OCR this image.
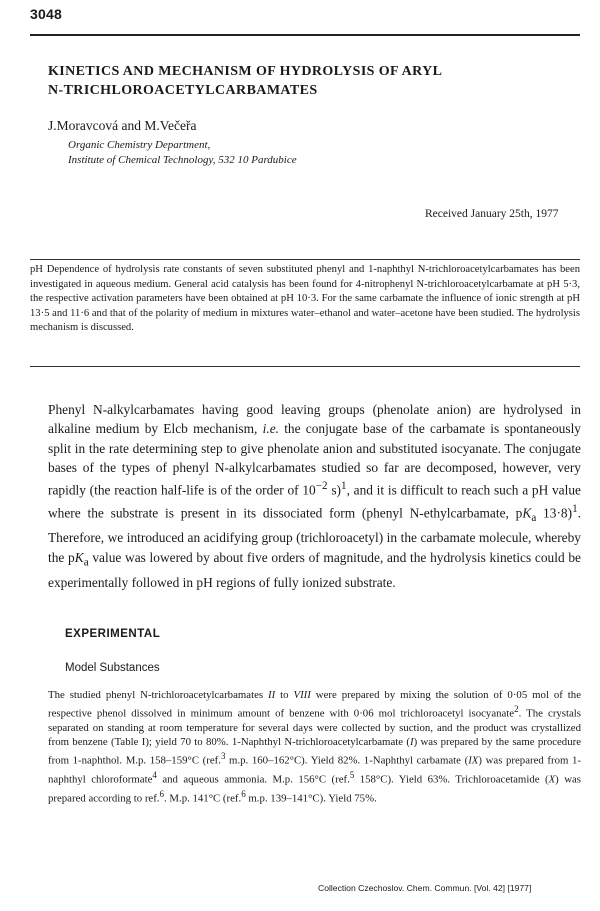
3048
KINETICS AND MECHANISM OF HYDROLYSIS OF ARYL
N-TRICHLOROACETYLCARBAMATES
J.Moravcová and M.Večeřa
Organic Chemistry Department,
Institute of Chemical Technology, 532 10 Pardubice
Received January 25th, 1977
pH Dependence of hydrolysis rate constants of seven substituted phenyl and 1-naphthyl N-trichloroacetylcarbamates has been investigated in aqueous medium. General acid catalysis has been found for 4-nitrophenyl N-trichloroacetylcarbamate at pH 5·3, the respective activation parameters have been obtained at pH 10·3. For the same carbamate the influence of ionic strength at pH 13·5 and 11·6 and that of the polarity of medium in mixtures water–ethanol and water–acetone have been studied. The hydrolysis mechanism is discussed.
Phenyl N-alkylcarbamates having good leaving groups (phenolate anion) are hydrolysed in alkaline medium by Elcb mechanism, i.e. the conjugate base of the carbamate is spontaneously split in the rate determining step to give phenolate anion and substituted isocyanate. The conjugate bases of the types of phenyl N-alkylcarbamates studied so far are decomposed, however, very rapidly (the reaction half-life is of the order of $10^{-2}$ s)$^1$, and it is difficult to reach such a pH value where the substrate is present in its dissociated form (phenyl N-ethylcarbamate, $pK_a$ 13·8)$^1$. Therefore, we introduced an acidifying group (trichloroacetyl) in the carbamate molecule, whereby the $pK_a$ value was lowered by about five orders of magnitude, and the hydrolysis kinetics could be experimentally followed in pH regions of fully ionized substrate.
EXPERIMENTAL
Model Substances
The studied phenyl N-trichloroacetylcarbamates II to VIII were prepared by mixing the solution of 0·05 mol of the respective phenol dissolved in minimum amount of benzene with 0·06 mol trichloroacetyl isocyanate$^2$. The crystals separated on standing at room temperature for several days were collected by suction, and the product was crystallized from benzene (Table I); yield 70 to 80%. 1-Naphthyl N-trichloroacetylcarbamate (I) was prepared by the same procedure from 1-naphthol. M.p. 158–159°C (ref.$^3$ m.p. 160–162°C). Yield 82%. 1-Naphthyl carbamate (IX) was prepared from 1-naphthyl chloroformate$^4$ and aqueous ammonia. M.p. 156°C (ref.$^5$ 158°C). Yield 63%. Trichloroacetamide (X) was prepared according to ref.$^6$. M.p. 141°C (ref.$^6$ m.p. 139–141°C). Yield 75%.
Collection Czechoslov. Chem. Commun. [Vol. 42] [1977]
